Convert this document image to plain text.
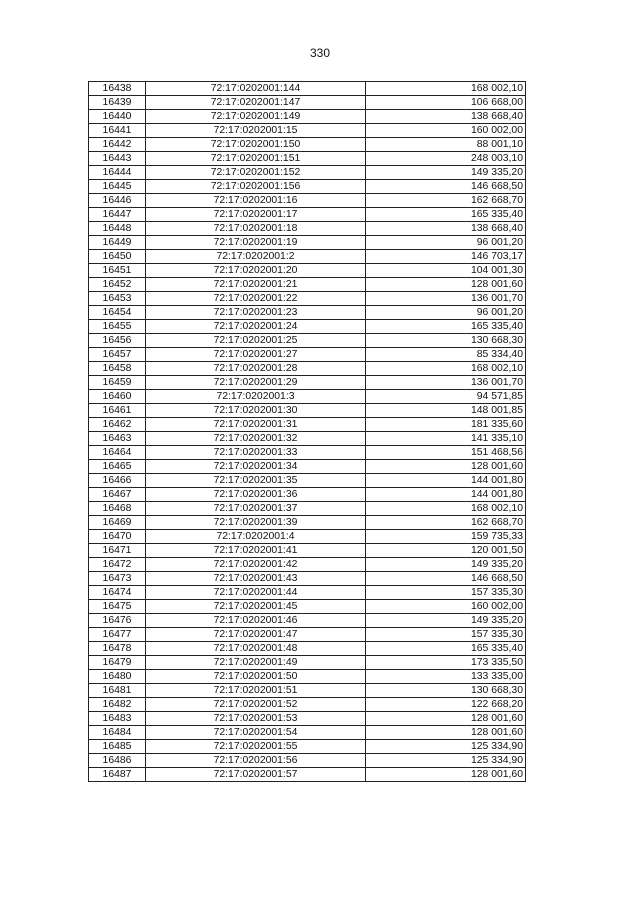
330
16438	72:17:0202001:144	168 002,10
16439	72:17:0202001:147	106 668,00
16440	72:17:0202001:149	138 668,40
16441	72:17:0202001:15	160 002,00
16442	72:17:0202001:150	88 001,10
16443	72:17:0202001:151	248 003,10
16444	72:17:0202001:152	149 335,20
16445	72:17:0202001:156	146 668,50
16446	72:17:0202001:16	162 668,70
16447	72:17:0202001:17	165 335,40
16448	72:17:0202001:18	138 668,40
16449	72:17:0202001:19	96 001,20
16450	72:17:0202001:2	146 703,17
16451	72:17:0202001:20	104 001,30
16452	72:17:0202001:21	128 001,60
16453	72:17:0202001:22	136 001,70
16454	72:17:0202001:23	96 001,20
16455	72:17:0202001:24	165 335,40
16456	72:17:0202001:25	130 668,30
16457	72:17:0202001:27	85 334,40
16458	72:17:0202001:28	168 002,10
16459	72:17:0202001:29	136 001,70
16460	72:17:0202001:3	94 571,85
16461	72:17:0202001:30	148 001,85
16462	72:17:0202001:31	181 335,60
16463	72:17:0202001:32	141 335,10
16464	72:17:0202001:33	151 468,56
16465	72:17:0202001:34	128 001,60
16466	72:17:0202001:35	144 001,80
16467	72:17:0202001:36	144 001,80
16468	72:17:0202001:37	168 002,10
16469	72:17:0202001:39	162 668,70
16470	72:17:0202001:4	159 735,33
16471	72:17:0202001:41	120 001,50
16472	72:17:0202001:42	149 335,20
16473	72:17:0202001:43	146 668,50
16474	72:17:0202001:44	157 335,30
16475	72:17:0202001:45	160 002,00
16476	72:17:0202001:46	149 335,20
16477	72:17:0202001:47	157 335,30
16478	72:17:0202001:48	165 335,40
16479	72:17:0202001:49	173 335,50
16480	72:17:0202001:50	133 335,00
16481	72:17:0202001:51	130 668,30
16482	72:17:0202001:52	122 668,20
16483	72:17:0202001:53	128 001,60
16484	72:17:0202001:54	128 001,60
16485	72:17:0202001:55	125 334,90
16486	72:17:0202001:56	125 334,90
16487	72:17:0202001:57	128 001,60
